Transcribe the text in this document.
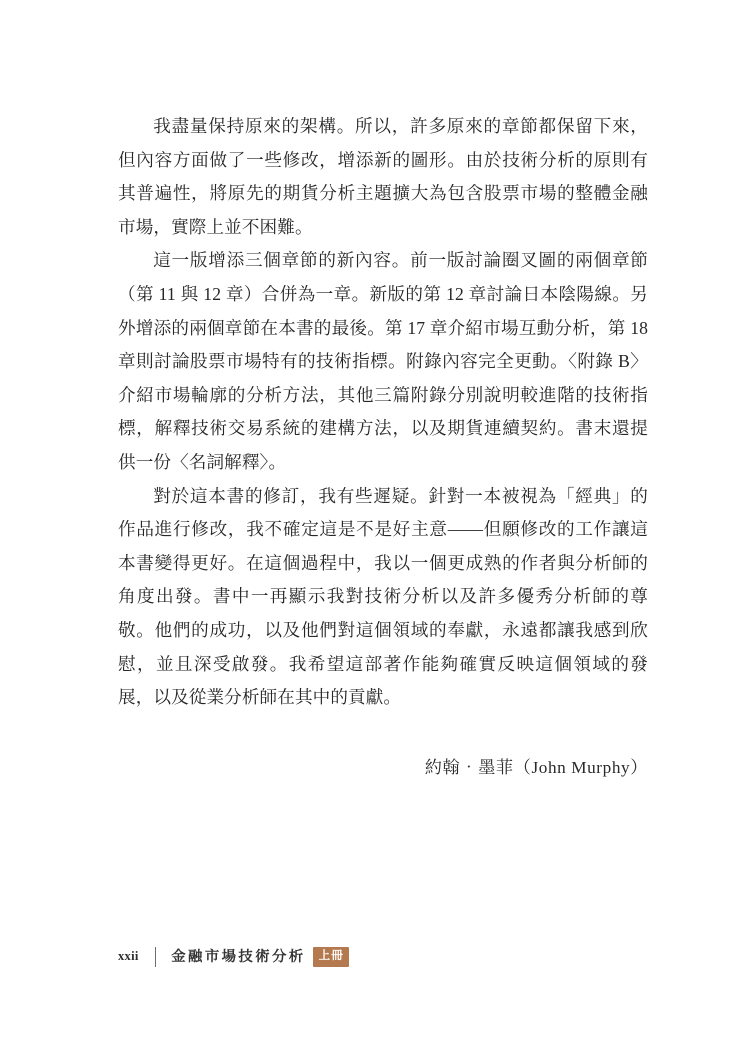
我盡量保持原來的架構。所以，許多原來的章節都保留下來，但內容方面做了一些修改，增添新的圖形。由於技術分析的原則有其普遍性，將原先的期貨分析主題擴大為包含股票市場的整體金融市場，實際上並不困難。

這一版增添三個章節的新內容。前一版討論圈叉圖的兩個章節（第 11 與 12 章）合併為一章。新版的第 12 章討論日本陰陽線。另外增添的兩個章節在本書的最後。第 17 章介紹市場互動分析，第 18 章則討論股票市場特有的技術指標。附錄內容完全更動。〈附錄 B〉介紹市場輪廓的分析方法，其他三篇附錄分別說明較進階的技術指標，解釋技術交易系統的建構方法，以及期貨連續契約。書末還提供一份〈名詞解釋〉。

對於這本書的修訂，我有些遲疑。針對一本被視為「經典」的作品進行修改，我不確定這是不是好主意——但願修改的工作讓這本書變得更好。在這個過程中，我以一個更成熟的作者與分析師的角度出發。書中一再顯示我對技術分析以及許多優秀分析師的尊敬。他們的成功，以及他們對這個領域的奉獻，永遠都讓我感到欣慰，並且深受啟發。我希望這部著作能夠確實反映這個領域的發展，以及從業分析師在其中的貢獻。

約翰‧墨菲（John Murphy）
xxii 金融市場技術分析	上冊
